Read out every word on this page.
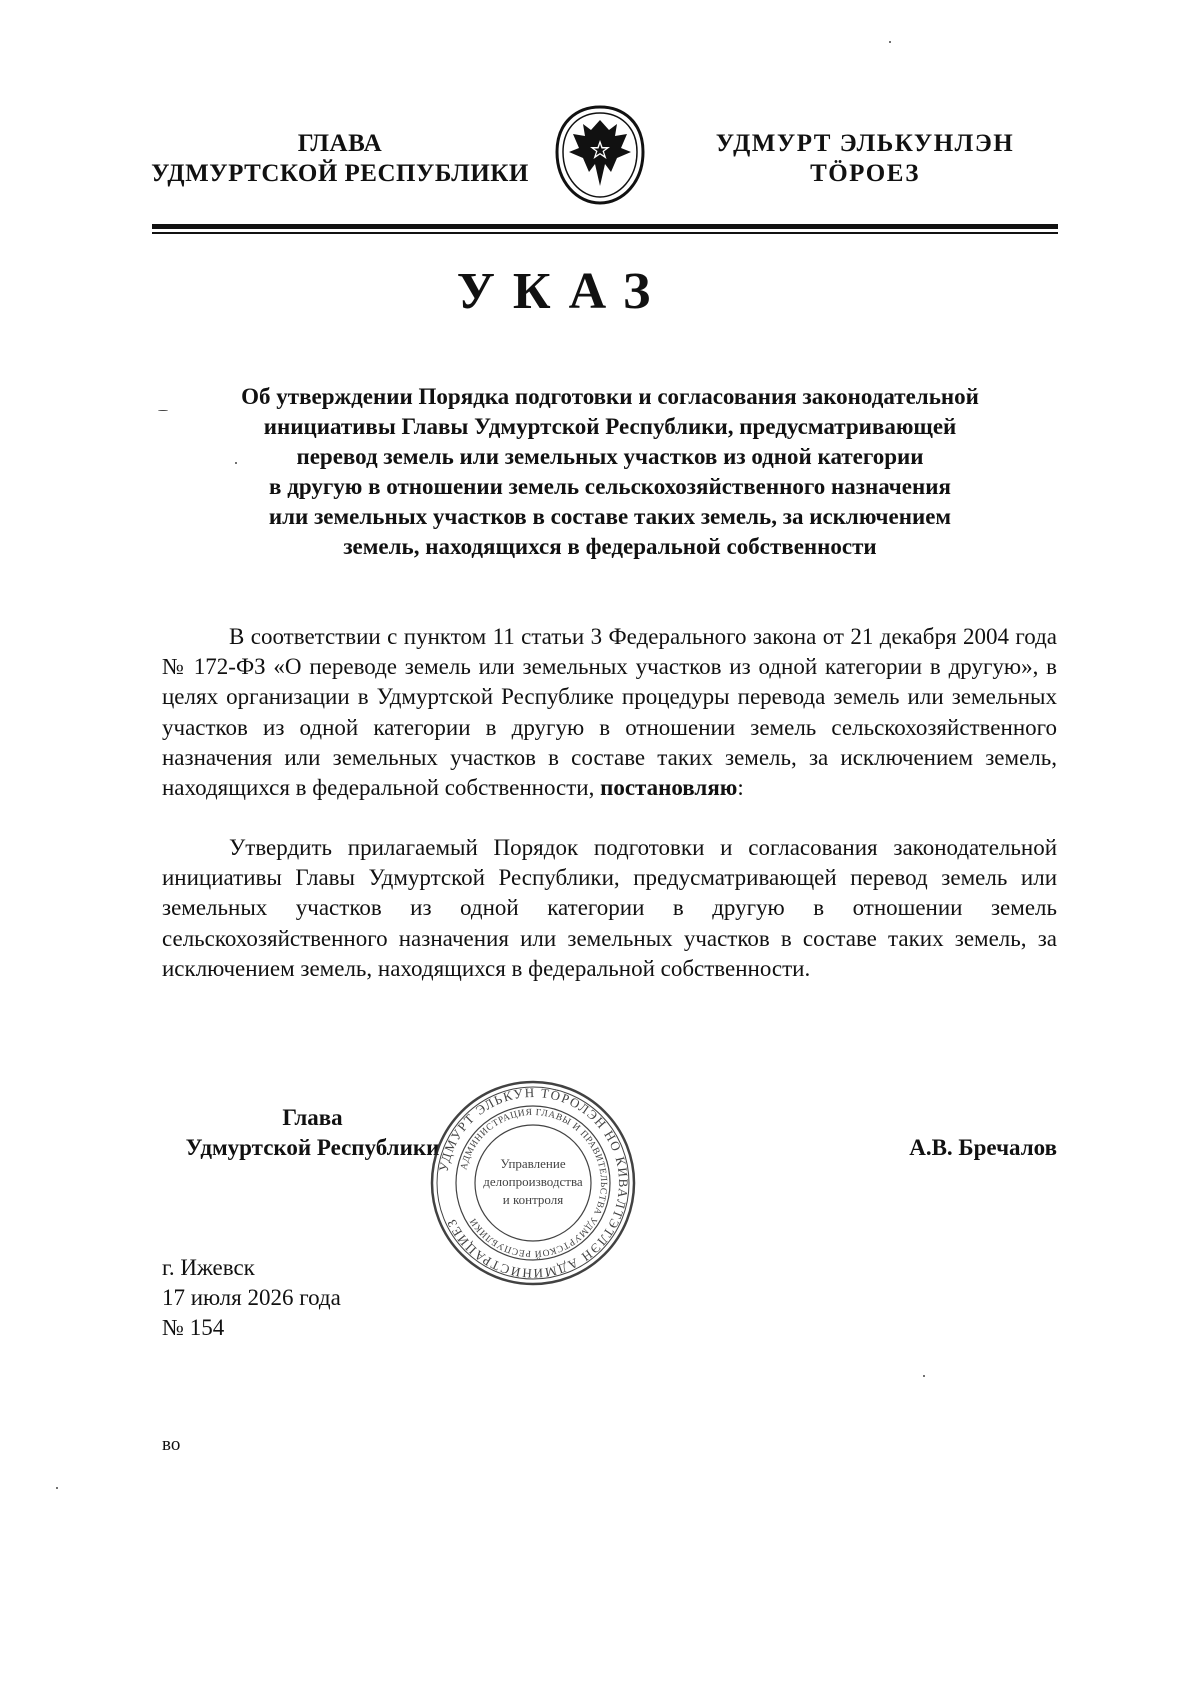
ГЛАВА
УДМУРТСКОЙ РЕСПУБЛИКИ
УДМУРТ ЭЛЬКУНЛЭН
ТӦРОЕЗ
УКАЗ
Об утверждении Порядка подготовки и согласования законодательной
инициативы Главы Удмуртской Республики, предусматривающей
перевод земель или земельных участков из одной категории
в другую в отношении земель сельскохозяйственного назначения
или земельных участков в составе таких земель, за исключением
земель, находящихся в федеральной собственности

В соответствии с пунктом 11 статьи 3 Федерального закона от 21 декабря 2004 года № 172-ФЗ «О переводе земель или земельных участков из одной категории в другую», в целях организации в Удмуртской Республике процедуры перевода земель или земельных участков из одной категории в другую в отношении земель сельскохозяйственного назначения или земельных участков в составе таких земель, за исключением земель, находящихся в федеральной собственности, постановляю:

Утвердить прилагаемый Порядок подготовки и согласования законодательной инициативы Главы Удмуртской Республики, предусматривающей перевод земель или земельных участков из одной категории в другую в отношении земель сельскохозяйственного назначения или земельных участков в составе таких земель, за исключением земель, находящихся в федеральной собственности.

Глава
Удмуртской Республики
УДМУРТ ЭЛЬКУН ТӦРОЛЭН НО КИВАЛТЭТЛЭН АДМИНИСТРАЦИЕЗ
АДМИНИСТРАЦИЯ ГЛАВЫ И ПРАВИТЕЛЬСТВА УДМУРТСКОЙ РЕСПУБЛИКИ
Управление
делопроизводства
и контроля
А.В. Бречалов
г. Ижевск
17 июля 2026 года
№ 154
во
